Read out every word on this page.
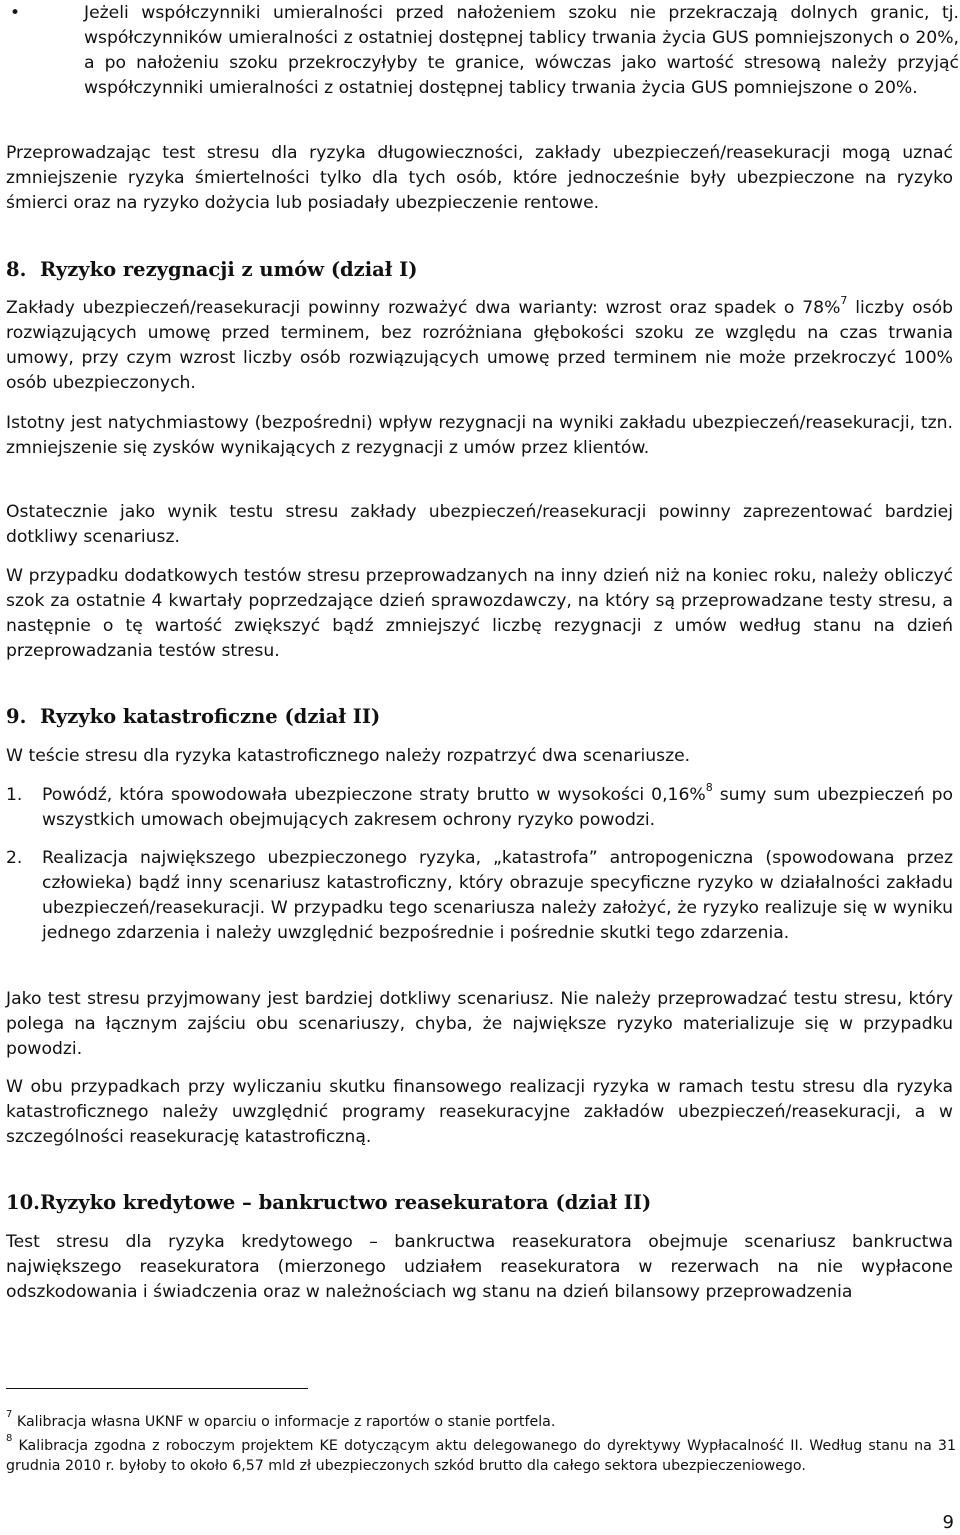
•	Jeżeli współczynniki umieralności przed nałożeniem szoku nie przekraczają dolnych granic, tj. współczynników umieralności z ostatniej dostępnej tablicy trwania życia GUS pomniejszonych o 20%, a po nałożeniu szoku przekroczyłyby te granice, wówczas jako wartość stresową należy przyjąć współczynniki umieralności z ostatniej dostępnej tablicy trwania życia GUS pomniejszone o 20%.

Przeprowadzając test stresu dla ryzyka długowieczności, zakłady ubezpieczeń/reasekuracji mogą uznać zmniejszenie ryzyka śmiertelności tylko dla tych osób, które jednocześnie były ubezpieczone na ryzyko śmierci oraz na ryzyko dożycia lub posiadały ubezpieczenie rentowe.

8. Ryzyko rezygnacji z umów (dział I)

Zakłady ubezpieczeń/reasekuracji powinny rozważyć dwa warianty: wzrost oraz spadek o 78%$^7$ liczby osób rozwiązujących umowę przed terminem, bez rozróżniana głębokości szoku ze względu na czas trwania umowy, przy czym wzrost liczby osób rozwiązujących umowę przed terminem nie może przekroczyć 100% osób ubezpieczonych.

Istotny jest natychmiastowy (bezpośredni) wpływ rezygnacji na wyniki zakładu ubezpieczeń/reasekuracji, tzn. zmniejszenie się zysków wynikających z rezygnacji z umów przez klientów.

Ostatecznie jako wynik testu stresu zakłady ubezpieczeń/reasekuracji powinny zaprezentować bardziej dotkliwy scenariusz.

W przypadku dodatkowych testów stresu przeprowadzanych na inny dzień niż na koniec roku, należy obliczyć szok za ostatnie 4 kwartały poprzedzające dzień sprawozdawczy, na który są przeprowadzane testy stresu, a następnie o tę wartość zwiększyć bądź zmniejszyć liczbę rezygnacji z umów według stanu na dzień przeprowadzania testów stresu.

9. Ryzyko katastroficzne (dział II)

W teście stresu dla ryzyka katastroficznego należy rozpatrzyć dwa scenariusze.

1. Powódź, która spowodowała ubezpieczone straty brutto w wysokości 0,16%$^8$ sumy sum ubezpieczeń po wszystkich umowach obejmujących zakresem ochrony ryzyko powodzi.

2. Realizacja największego ubezpieczonego ryzyka, „katastrofa” antropogeniczna (spowodowana przez człowieka) bądź inny scenariusz katastroficzny, który obrazuje specyficzne ryzyko w działalności zakładu ubezpieczeń/reasekuracji. W przypadku tego scenariusza należy założyć, że ryzyko realizuje się w wyniku jednego zdarzenia i należy uwzględnić bezpośrednie i pośrednie skutki tego zdarzenia.

Jako test stresu przyjmowany jest bardziej dotkliwy scenariusz. Nie należy przeprowadzać testu stresu, który polega na łącznym zajściu obu scenariuszy, chyba, że największe ryzyko materializuje się w przypadku powodzi.

W obu przypadkach przy wyliczaniu skutku finansowego realizacji ryzyka w ramach testu stresu dla ryzyka katastroficznego należy uwzględnić programy reasekuracyjne zakładów ubezpieczeń/reasekuracji, a w szczególności reasekurację katastroficzną.

10.Ryzyko kredytowe – bankructwo reasekuratora (dział II)

Test stresu dla ryzyka kredytowego – bankructwa reasekuratora obejmuje scenariusz bankructwa największego reasekuratora (mierzonego udziałem reasekuratora w rezerwach na nie wypłacone odszkodowania i świadczenia oraz w należnościach wg stanu na dzień bilansowy przeprowadzenia

$^7$ Kalibracja własna UKNF w oparciu o informacje z raportów o stanie portfela.

$^8$ Kalibracja zgodna z roboczym projektem KE dotyczącym aktu delegowanego do dyrektywy Wypłacalność II. Według stanu na 31 grudnia 2010 r. byłoby to około 6,57 mld zł ubezpieczonych szkód brutto dla całego sektora ubezpieczeniowego.

9
